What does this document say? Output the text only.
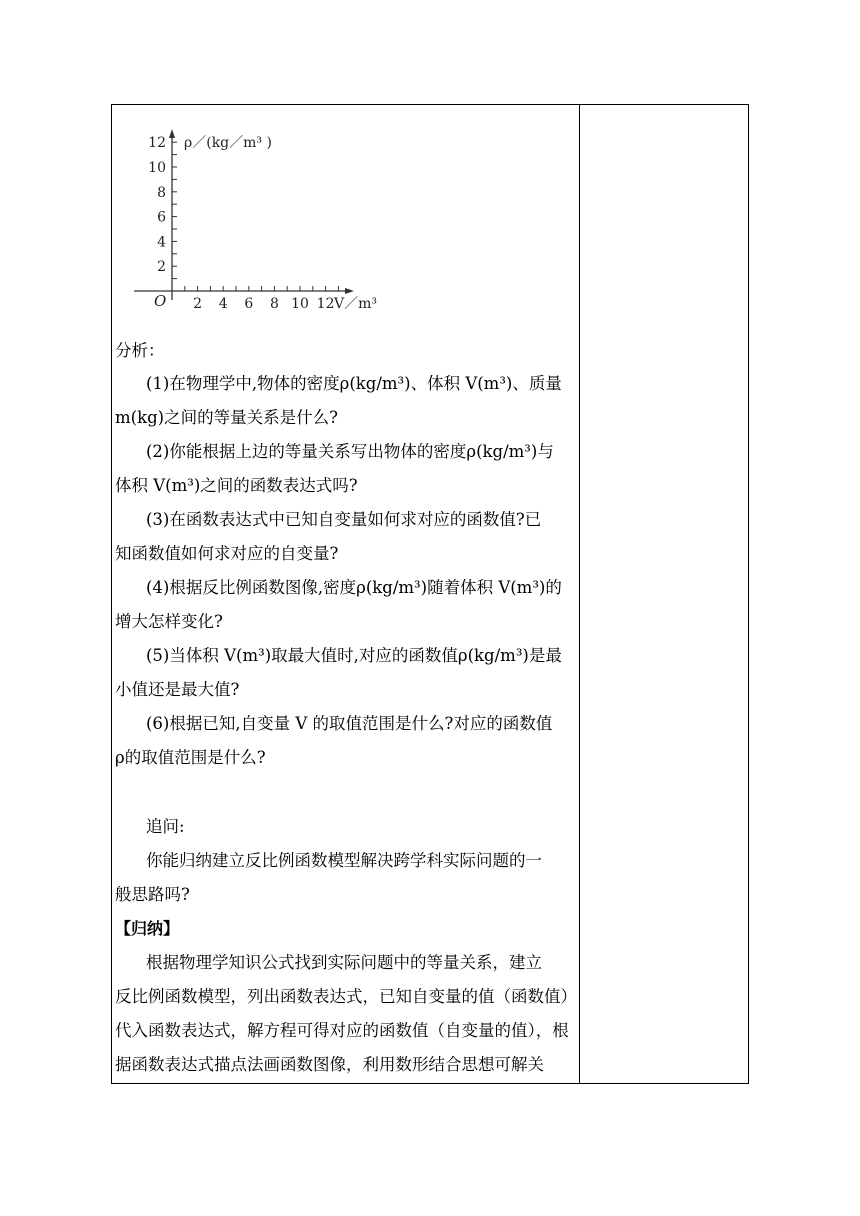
12
10
8
6
4
2
2 4 6 8 10 12
ρ／(kg／m³ )
V／m³
O
分析：
(1)在物理学中,物体的密度ρ(kg/m³)、体积 V(m³)、质量
m(kg)之间的等量关系是什么?
(2)你能根据上边的等量关系写出物体的密度ρ(kg/m³)与
体积 V(m³)之间的函数表达式吗?
(3)在函数表达式中已知自变量如何求对应的函数值?已
知函数值如何求对应的自变量?
(4)根据反比例函数图像,密度ρ(kg/m³)随着体积 V(m³)的
增大怎样变化?
(5)当体积 V(m³)取最大值时,对应的函数值ρ(kg/m³)是最
小值还是最大值?
(6)根据已知,自变量 V 的取值范围是什么?对应的函数值
ρ的取值范围是什么?
追问:
你能归纳建立反比例函数模型解决跨学科实际问题的一
般思路吗?
【归纳】
根据物理学知识公式找到实际问题中的等量关系，建立
反比例函数模型，列出函数表达式，已知自变量的值（函数值）
代入函数表达式，解方程可得对应的函数值（自变量的值），根
据函数表达式描点法画函数图像，利用数形结合思想可解关
